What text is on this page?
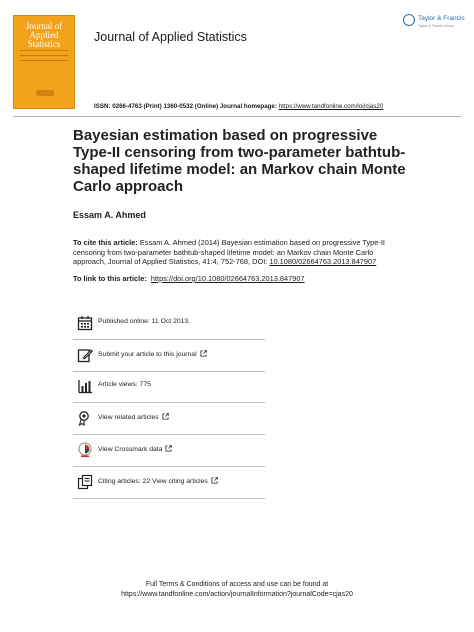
Journal of Applied Statistics	Journal of Applied Statistics
Taylor & Francis
Taylor & Francis Group
ISSN: 0266-4763 (Print) 1360-0532 (Online) Journal homepage: https://www.tandfonline.com/loi/cjas20
Bayesian estimation based on progressive Type-II censoring from two-parameter bathtub-shaped lifetime model: an Markov chain Monte Carlo approach
Essam A. Ahmed
To cite this article: Essam A. Ahmed (2014) Bayesian estimation based on progressive Type-II censoring from two-parameter bathtub-shaped lifetime model: an Markov chain Monte Carlo approach, Journal of Applied Statistics, 41:4, 752-768, DOI: 10.1080/02664763.2013.847907
To link to this article: https://doi.org/10.1080/02664763.2013.847907
Published online: 11 Oct 2013.
Submit your article to this journal
Article views: 775
View related articles
View Crossmark data
Citing articles: 22 View citing articles
Full Terms & Conditions of access and use can be found at
https://www.tandfonline.com/action/journalInformation?journalCode=cjas20
